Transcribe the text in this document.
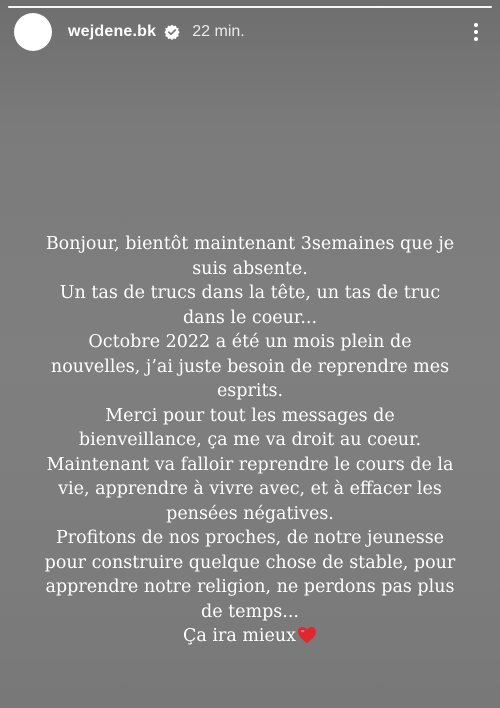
wejdene.bk 22 min.
Bonjour, bientôt maintenant 3semaines que je
suis absente.
Un tas de trucs dans la tête, un tas de truc
dans le coeur...
Octobre 2022 a été un mois plein de
nouvelles, j’ai juste besoin de reprendre mes
esprits.
Merci pour tout les messages de
bienveillance, ça me va droit au coeur.
Maintenant va falloir reprendre le cours de la
vie, apprendre à vivre avec, et à effacer les
pensées négatives.
Profitons de nos proches, de notre jeunesse
pour construire quelque chose de stable, pour
apprendre notre religion, ne perdons pas plus
de temps...
Ça ira mieux
